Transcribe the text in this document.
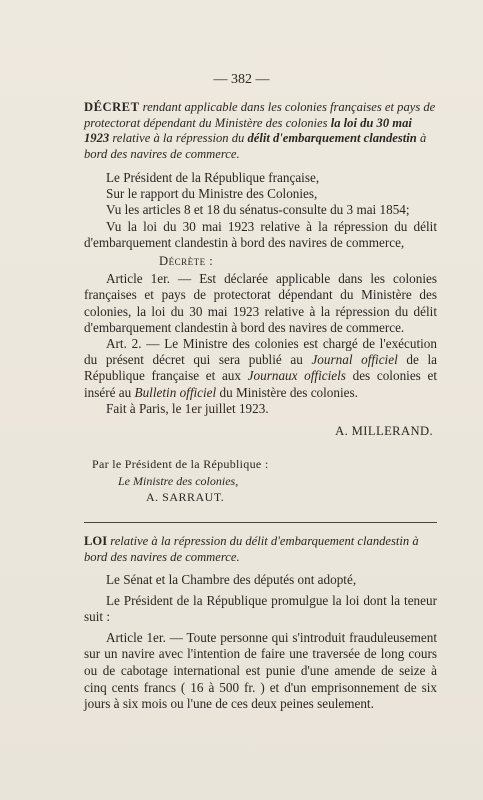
— 382 —
DÉCRET rendant applicable dans les colonies françaises et pays de protectorat dépendant du Ministère des colonies la loi du 30 mai 1923 relative à la répression du délit d'embarquement clandestin à bord des navires de commerce.

Le Président de la République française,

Sur le rapport du Ministre des Colonies,

Vu les articles 8 et 18 du sénatus-consulte du 3 mai 1854;

Vu la loi du 30 mai 1923 relative à la répression du délit d'embarquement clandestin à bord des navires de commerce,

Décrète :

Article 1er. — Est déclarée applicable dans les colonies françaises et pays de protectorat dépendant du Ministère des colonies, la loi du 30 mai 1923 relative à la répression du délit d'embarquement clandestin à bord des navires de commerce.

Art. 2. — Le Ministre des colonies est chargé de l'exécution du présent décret qui sera publié au Journal officiel de la République française et aux Journaux officiels des colonies et inséré au Bulletin officiel du Ministère des colonies.

Fait à Paris, le 1er juillet 1923.

A. MILLERAND.

Par le Président de la République :
Le Ministre des colonies,
A. SARRAUT.
LOI relative à la répression du délit d'embarquement clandestin à bord des navires de commerce.

Le Sénat et la Chambre des députés ont adopté,

Le Président de la République promulgue la loi dont la teneur suit :

Article 1er. — Toute personne qui s'introduit frauduleusement sur un navire avec l'intention de faire une traversée de long cours ou de cabotage international est punie d'une amende de seize à cinq cents francs ( 16 à 500 fr. ) et d'un emprisonnement de six jours à six mois ou l'une de ces deux peines seulement.
